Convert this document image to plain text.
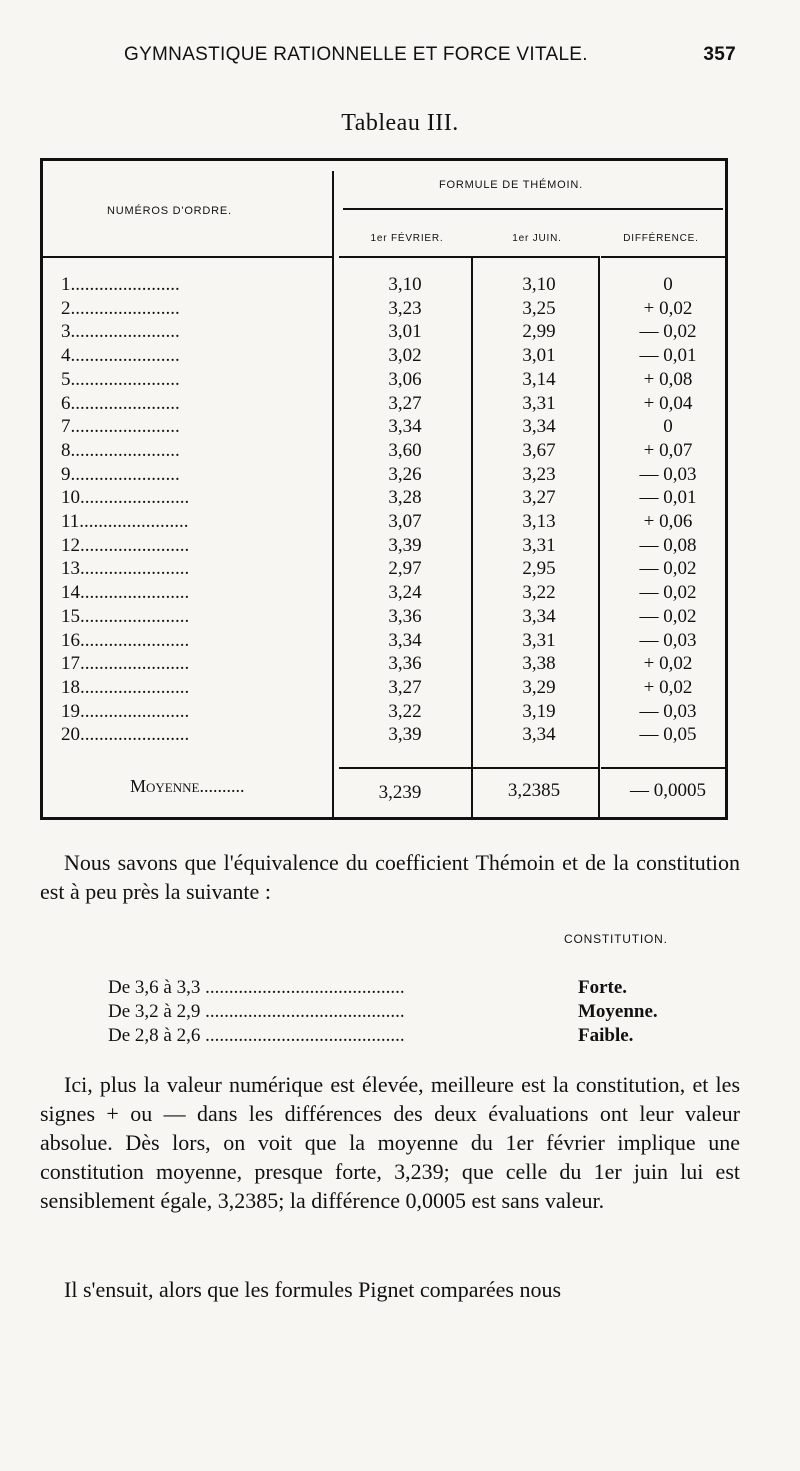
GYMNASTIQUE RATIONNELLE ET FORCE VITALE.	357
Tableau III.
NUMÉROS D'ORDRE.
FORMULE DE THÉMOIN.
1er FÉVRIER.	1er JUIN.	DIFFÉRENCE.
1.......................	3,10	3,10	0
2.......................	3,23	3,25	+ 0,02
3.......................	3,01	2,99	— 0,02
4.......................	3,02	3,01	— 0,01
5.......................	3,06	3,14	+ 0,08
6.......................	3,27	3,31	+ 0,04
7.......................	3,34	3,34	0
8.......................	3,60	3,67	+ 0,07
9.......................	3,26	3,23	— 0,03
10.......................	3,28	3,27	— 0,01
11.......................	3,07	3,13	+ 0,06
12.......................	3,39	3,31	— 0,08
13.......................	2,97	2,95	— 0,02
14.......................	3,24	3,22	— 0,02
15.......................	3,36	3,34	— 0,02
16.......................	3,34	3,31	— 0,03
17.......................	3,36	3,38	+ 0,02
18.......................	3,27	3,29	+ 0,02
19.......................	3,22	3,19	— 0,03
20.......................	3,39	3,34	— 0,05
Moyenne..........	3,239	3,2385	— 0,0005
Nous savons que l'équivalence du coefficient Thémoin et de la constitution est à peu près la suivante :
CONSTITUTION.
De 3,6 à 3,3 ..........................................	Forte.
De 3,2 à 2,9 ..........................................	Moyenne.
De 2,8 à 2,6 ..........................................	Faible.
Ici, plus la valeur numérique est élevée, meilleure est la constitution, et les signes + ou — dans les différences des deux évaluations ont leur valeur absolue. Dès lors, on voit que la moyenne du 1er février implique une constitution moyenne, presque forte, 3,239; que celle du 1er juin lui est sensiblement égale, 3,2385; la différence 0,0005 est sans valeur.
Il s'ensuit, alors que les formules Pignet comparées nous
